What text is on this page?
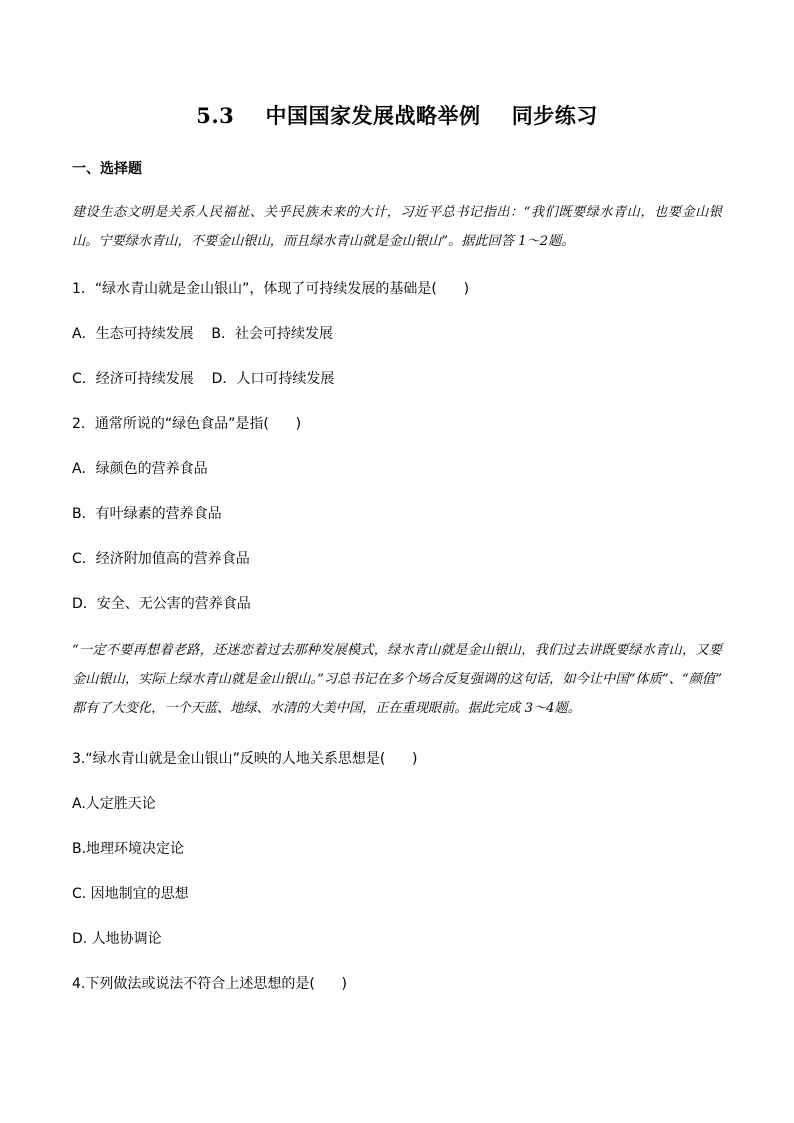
5.3    中国国家发展战略举例    同步练习
一、选择题

建设生态文明是关系人民福祉、关乎民族未来的大计，习近平总书记指出：“我们既要绿水青山，也要金山银山。宁要绿水青山，不要金山银山，而且绿水青山就是金山银山”。据此回答 1～2题。

1．“绿水青山就是金山银山”，体现了可持续发展的基础是(      )

A．生态可持续发展    B．社会可持续发展

C．经济可持续发展    D．人口可持续发展

2．通常所说的“绿色食品”是指(      )

A．绿颜色的营养食品

B．有叶绿素的营养食品

C．经济附加值高的营养食品

D．安全、无公害的营养食品

“一定不要再想着老路，还迷恋着过去那种发展模式，绿水青山就是金山银山，我们过去讲既要绿水青山，又要金山银山，实际上绿水青山就是金山银山。”习总书记在多个场合反复强调的这句话，如今让中国“体质”、“颜值” 都有了大变化，一个天蓝、地绿、水清的大美中国，正在重现眼前。据此完成 3～4题。

3.“绿水青山就是金山银山”反映的人地关系思想是(      )

A.人定胜天论

B.地理环境决定论

C. 因地制宜的思想

D. 人地协调论

4.下列做法或说法不符合上述思想的是(      )
